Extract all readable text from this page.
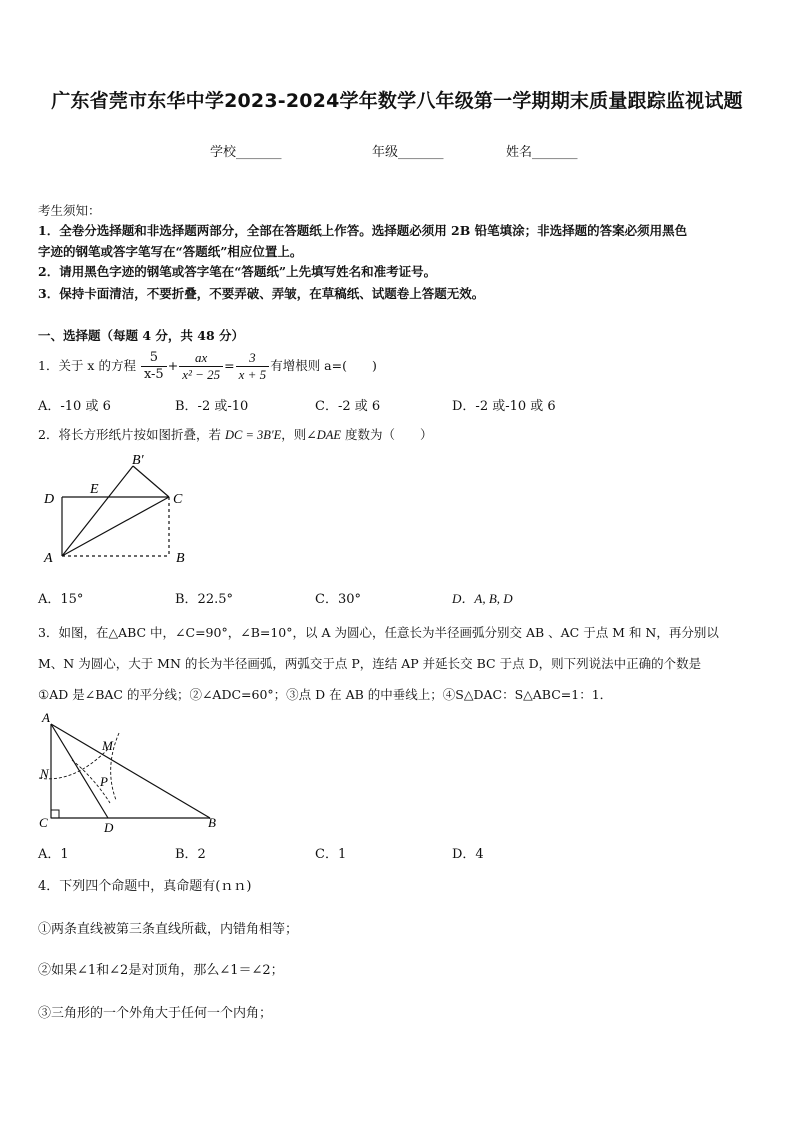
广东省莞市东华中学2023-2024学年数学八年级第一学期期末质量跟踪监视试题
学校_______	年级_______	姓名_______
考生须知：
1．全卷分选择题和非选择题两部分，全部在答题纸上作答。选择题必须用 2B 铅笔填涂；非选择题的答案必须用黑色
字迹的钢笔或答字笔写在“答题纸”相应位置上。
2．请用黑色字迹的钢笔或答字笔在“答题纸”上先填写姓名和准考证号。
3．保持卡面清洁，不要折叠，不要弄破、弄皱，在草稿纸、试题卷上答题无效。
一、选择题（每题 4 分，共 48 分）
1．关于 x 的方程 $\frac{5}{x-5} + \frac{ax}{\text{x² − 25}} = \frac{3}{x + 5}$ 有增根则 a=(　　)
A．-10 或 6	B．-2 或-10	C．-2 或 6	D．-2 或-10 或 6
2．将长方形纸片按如图折叠，若 DC = 3B′E，则∠DAE 度数为（　　）
B′
E
D	C
A	B
A．15°	B．22.5°	C．30°	D．A, B, D
3．如图，在△ABC 中，∠C=90°，∠B=10°，以 A 为圆心，任意长为半径画弧分别交 AB 、AC 于点 M 和 N，再分别以
M、N 为圆心，大于 MN 的长为半径画弧，两弧交于点 P，连结 AP 并延长交 BC 于点 D，则下列说法中正确的个数是
①AD 是∠BAC 的平分线；②∠ADC=60°；③点 D 在 AB 的中垂线上；④S△DAC：S△ABC=1：1．
A
M
N
P
C	D	B
A．1	B．2	C．1	D．4
4．下列四个命题中，真命题有(ｎｎ)
①两条直线被第三条直线所截，内错角相等；
②如果∠1和∠2是对顶角，那么∠1＝∠2；
③三角形的一个外角大于任何一个内角；
